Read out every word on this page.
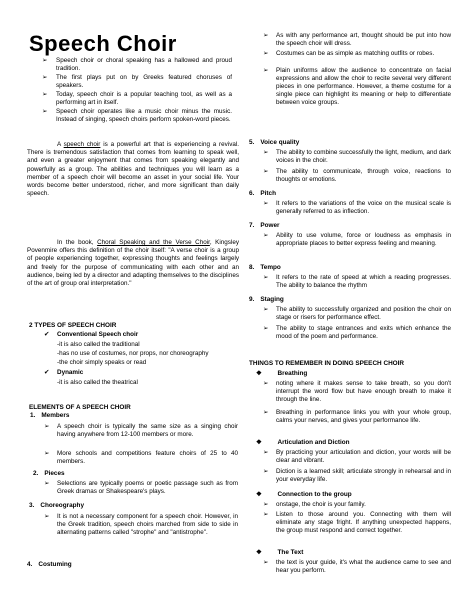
Speech Choir
➢ Speech choir or choral speaking has a hallowed and proud tradition.
➢ The first plays put on by Greeks featured choruses of speakers.
➢ Today, speech choir is a popular teaching tool, as well as a performing art in itself.
➢ Speech choir operates like a music choir minus the music. Instead of singing, speech choirs perform spoken-word pieces.
A speech choir is a powerful art that is experiencing a revival. There is tremendous satisfaction that comes from learning to speak well, and even a greater enjoyment that comes from speaking elegantly and powerfully as a group. The abilities and techniques you will learn as a member of a speech choir will become an asset in your social life. Your words become better understood, richer, and more significant than daily speech.
In the book, Choral Speaking and the Verse Choir, Kingsley Povenmire offers this definition of the choir itself: "A verse choir is a group of people experiencing together, expressing thoughts and feelings largely and freely for the purpose of communicating with each other and an audience, being led by a director and adapting themselves to the disciplines of the art of group oral interpretation."
2 TYPES OF SPEECH CHOIR
✔ Conventional Speech choir
-it is also called the traditional
-has no use of costumes, nor props, nor choreography
-the choir simply speaks or read
✔ Dynamic
-it is also called the theatrical
ELEMENTS OF A SPEECH CHOIR
1. Members
➢ A speech choir is typically the same size as a singing choir having anywhere from 12-100 members or more.
➢ More schools and competitions feature choirs of 25 to 40 members.
2. Pieces
➢ Selections are typically poems or poetic passage such as from Greek dramas or Shakespeare's plays.
3. Choreography
➢ It is not a necessary component for a speech choir. However, in the Greek tradition, speech choirs marched from side to side in alternating patterns called "strophe" and "antistrophe".
4. Costuming
➢ As with any performance art, thought should be put into how the speech choir will dress.
➢ Costumes can be as simple as matching outfits or robes.
➢ Plain uniforms allow the audience to concentrate on facial expressions and allow the choir to recite several very different pieces in one performance. However, a theme costume for a single piece can highlight its meaning or help to differentiate between voice groups.
5. Voice quality
➢ The ability to combine successfully the light, medium, and dark voices in the choir.
➢ The ability to communicate, through voice, reactions to thoughts or emotions.
6. Pitch
➢ It refers to the variations of the voice on the musical scale is generally referred to as inflection.
7. Power
➢ Ability to use volume, force or loudness as emphasis in appropriate places to better express feeling and meaning.
8. Tempo
➢ It refers to the rate of speed at which a reading progresses. The ability to balance the rhythm
9. Staging
➢ The ability to successfully organized and position the choir on stage or risers for performance effect.
➢ The ability to stage entrances and exits which enhance the mood of the poem and performance.
THINGS TO REMEMBER IN DOING SPEECH CHOIR
❖ Breathing
➢ noting where it makes sense to take breath, so you don't interrupt the word flow but have enough breath to make it through the line.
➢ Breathing in performance links you with your whole group, calms your nerves, and gives your performance life.
❖ Articulation and Diction
➢ By practicing your articulation and diction, your words will be clear and vibrant.
➢ Diction is a learned skill; articulate strongly in rehearsal and in your everyday life.
❖ Connection to the group
➢ onstage, the choir is your family.
➢ Listen to those around you. Connecting with them will eliminate any stage fright. If anything unexpected happens, the group must respond and correct together.
❖ The Text
➢ the text is your guide, it's what the audience came to see and hear you perform.
